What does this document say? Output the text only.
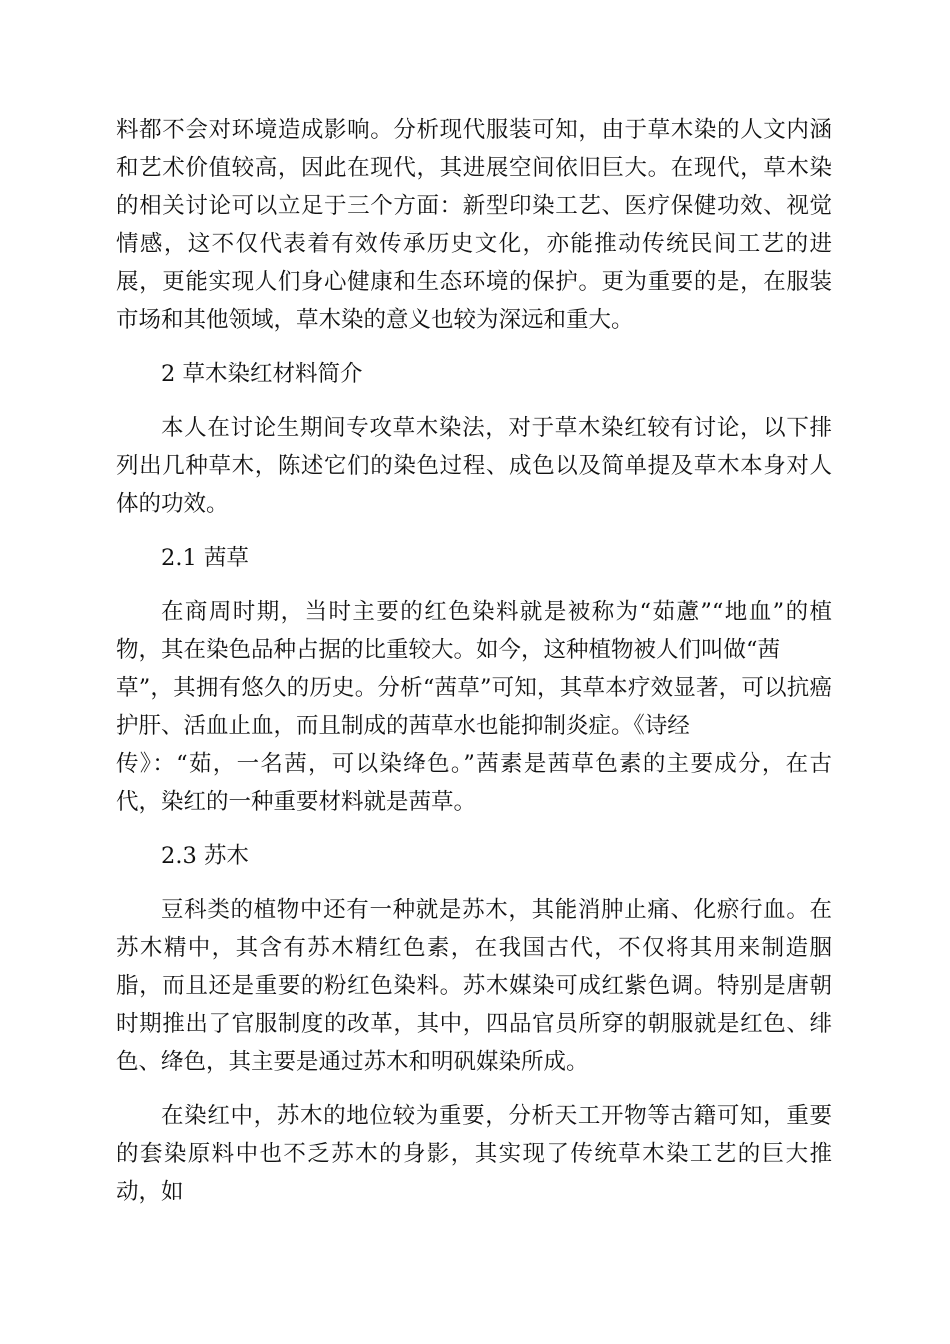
料都不会对环境造成影响。分析现代服装可知，由于草木染的人文内涵和艺术价值较高，因此在现代，其进展空间依旧巨大。在现代，草木染的相关讨论可以立足于三个方面：新型印染工艺、医疗保健功效、视觉情感，这不仅代表着有效传承历史文化，亦能推动传统民间工艺的进展，更能实现人们身心健康和生态环境的保护。更为重要的是，在服装市场和其他领域，草木染的意义也较为深远和重大。

2 草木染红材料简介

本人在讨论生期间专攻草木染法，对于草木染红较有讨论，以下排列出几种草木，陈述它们的染色过程、成色以及简单提及草木本身对人体的功效。

2.1 茜草

在商周时期，当时主要的红色染料就是被称为“茹藘”“地血”的植物，其在染色品种占据的比重较大。如今，这种植物被人们叫做“茜

草”，其拥有悠久的历史。分析“茜草”可知，其草本疗效显著，可以抗癌护肝、活血止血，而且制成的茜草水也能抑制炎症。《诗经

传》：“茹，一名茜，可以染绛色。”茜素是茜草色素的主要成分，在古代，染红的一种重要材料就是茜草。

2.3 苏木

豆科类的植物中还有一种就是苏木，其能消肿止痛、化瘀行血。在苏木精中，其含有苏木精红色素，在我国古代，不仅将其用来制造胭脂，而且还是重要的粉红色染料。苏木媒染可成红紫色调。特别是唐朝时期推出了官服制度的改革，其中，四品官员所穿的朝服就是红色、绯色、绛色，其主要是通过苏木和明矾媒染所成。

在染红中，苏木的地位较为重要，分析天工开物等古籍可知，重要的套染原料中也不乏苏木的身影，其实现了传统草木染工艺的巨大推动，如
